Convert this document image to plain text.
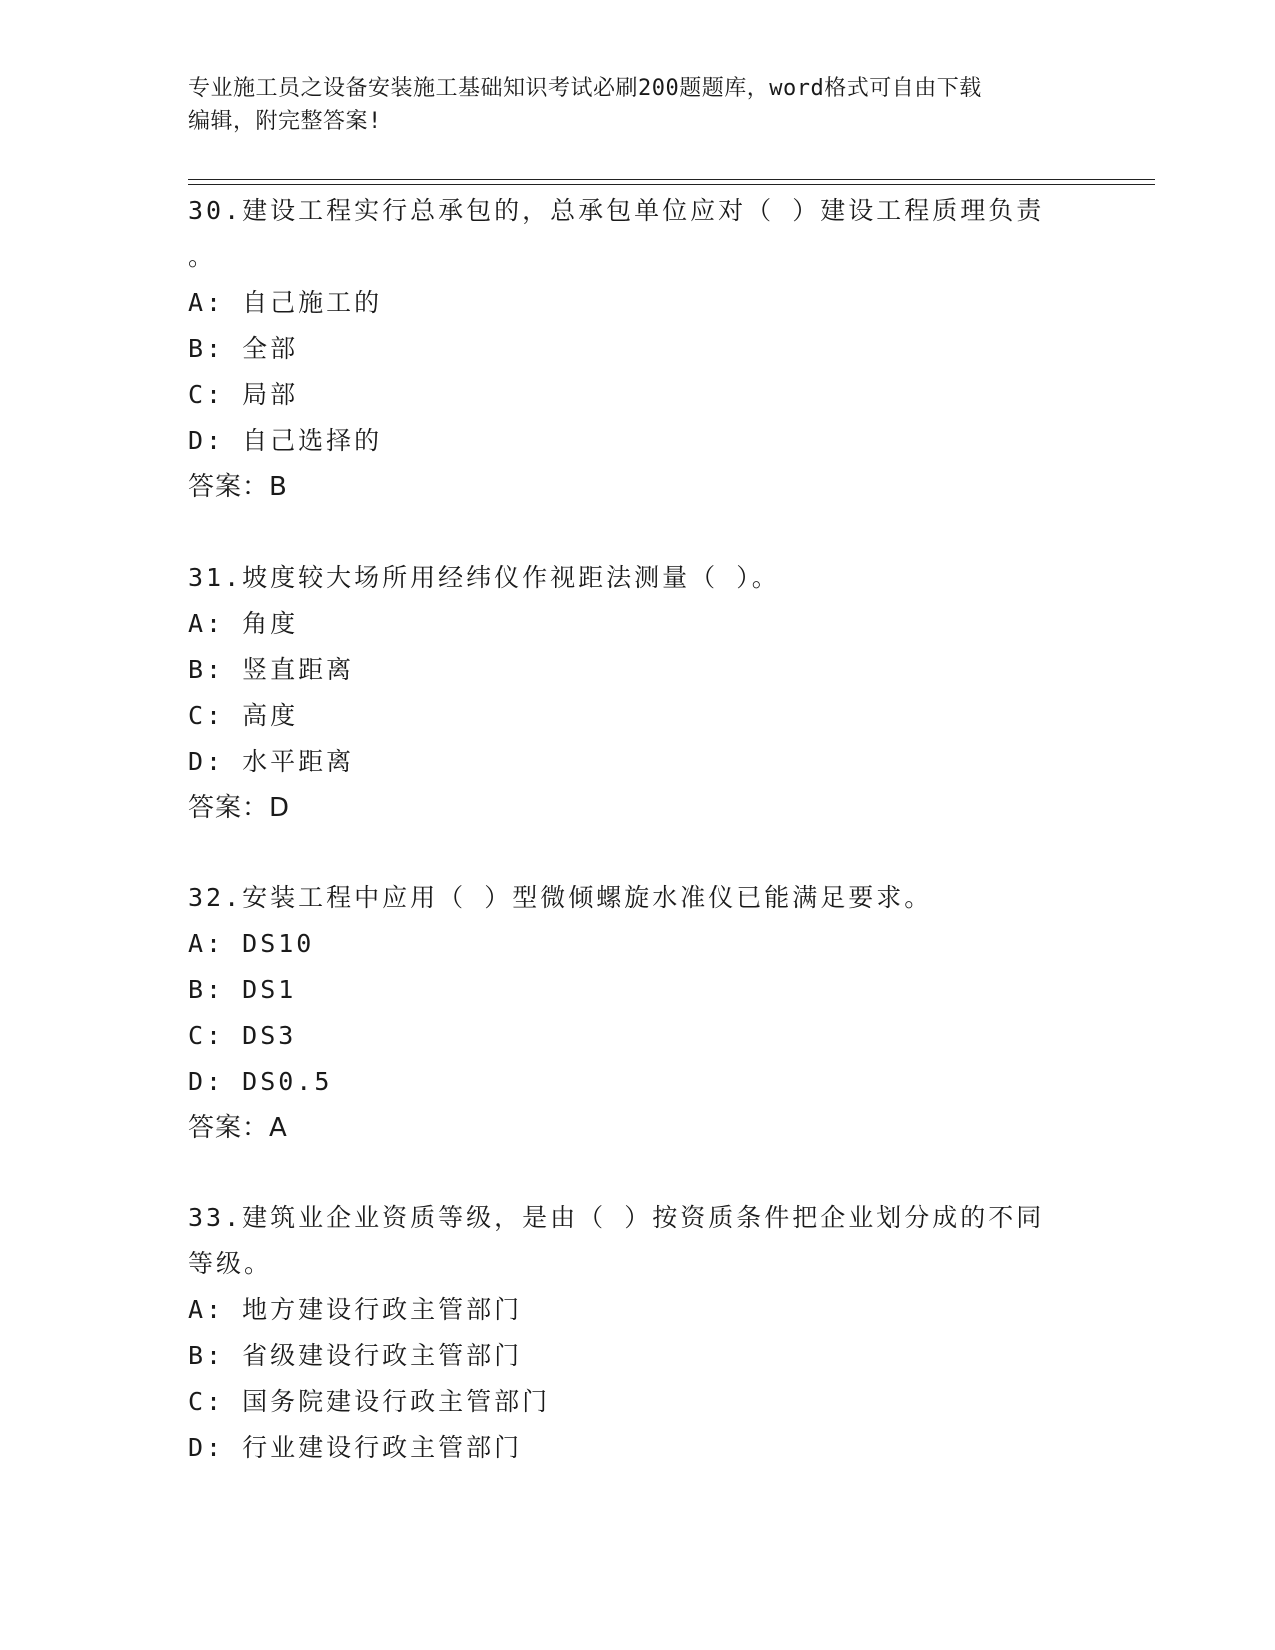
专业施工员之设备安装施工基础知识考试必刷200题题库，word格式可自由下载
编辑，附完整答案!
30.建设工程实行总承包的，总承包单位应对（ ）建设工程质理负责
。
A: 自己施工的
B: 全部
C: 局部
D: 自己选择的
答案：B
31.坡度较大场所用经纬仪作视距法测量（ ）。
A: 角度
B: 竖直距离
C: 高度
D: 水平距离
答案：D
32.安装工程中应用（ ）型微倾螺旋水准仪已能满足要求。
A: DS10
B: DS1
C: DS3
D: DS0.5
答案：A
33.建筑业企业资质等级，是由（ ）按资质条件把企业划分成的不同
等级。
A: 地方建设行政主管部门
B: 省级建设行政主管部门
C: 国务院建设行政主管部门
D: 行业建设行政主管部门
